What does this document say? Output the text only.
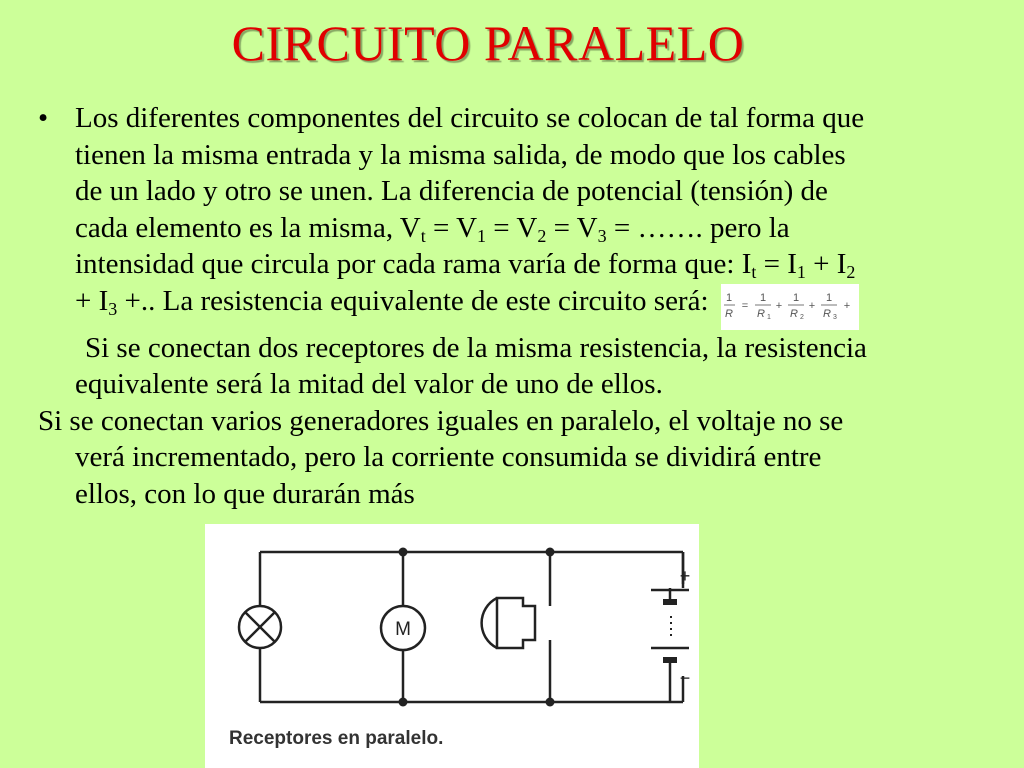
CIRCUITO PARALELO
• Los diferentes componentes del circuito se colocan de tal forma que
tienen la misma entrada y la misma salida, de modo que los cables
de un lado y otro se unen. La diferencia de potencial (tensión) de
cada elemento es la misma, $V_t = V_1 = V_2 = V_3$ = ……. pero la
intensidad que circula por cada rama varía de forma que: $I_t = I_1 + I_2$
+ $I_3$ +.. La resistencia equivalente de este circuito será: 1
R
=
1
R 1
+
1
R 2
+
1
R 3
+
Si se conectan dos receptores de la misma resistencia, la resistencia
equivalente será la mitad del valor de uno de ellos.
Si se conectan varios generadores iguales en paralelo, el voltaje no se
verá incrementado, pero la corriente consumida se dividirá entre
ellos, con lo que durarán más
M
+
−
Receptores en paralelo.
